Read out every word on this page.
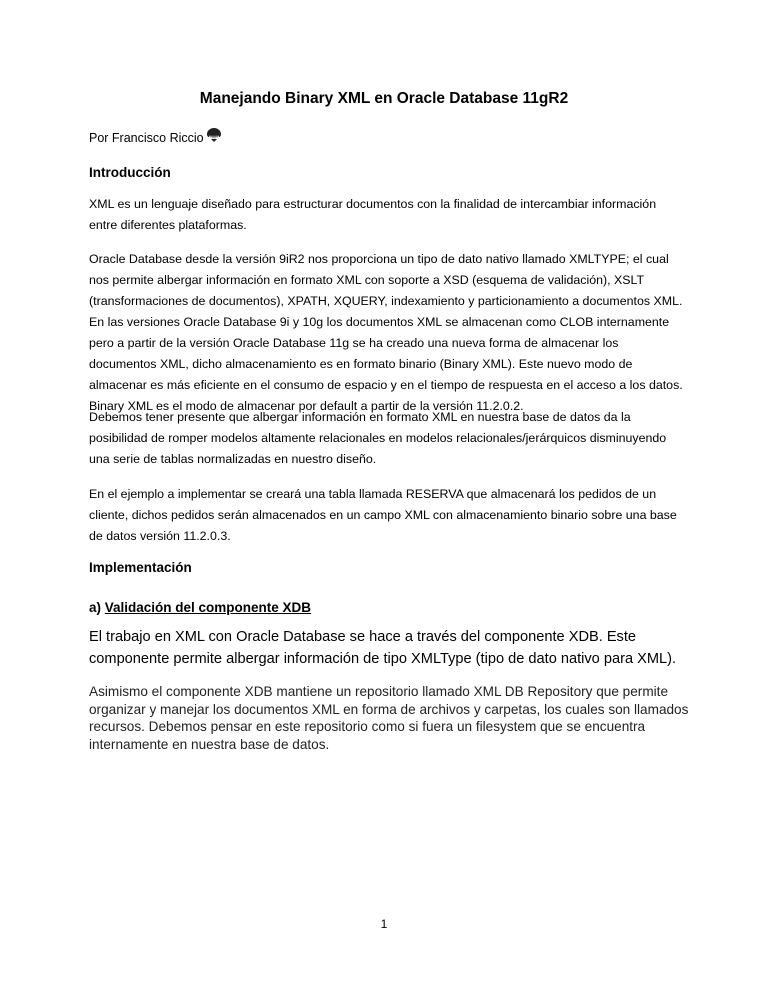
Manejando Binary XML en Oracle Database 11gR2
Por Francisco Riccio
Introducción

XML es un lenguaje diseñado para estructurar documentos con la finalidad de intercambiar información entre diferentes plataformas.

Oracle Database desde la versión 9iR2 nos proporciona un tipo de dato nativo llamado XMLTYPE; el cual nos permite albergar información en formato XML con soporte a XSD (esquema de validación), XSLT (transformaciones de documentos), XPATH, XQUERY, indexamiento y particionamiento a documentos XML. En las versiones Oracle Database 9i y 10g los documentos XML se almacenan como CLOB internamente pero a partir de la versión Oracle Database 11g se ha creado una nueva forma de almacenar los documentos XML, dicho almacenamiento es en formato binario (Binary XML). Este nuevo modo de almacenar es más eficiente en el consumo de espacio y en el tiempo de respuesta en el acceso a los datos. Binary XML es el modo de almacenar por default a partir de la versión 11.2.0.2.

Debemos tener presente que albergar información en formato XML en nuestra base de datos da la posibilidad de romper modelos altamente relacionales en modelos relacionales/jerárquicos disminuyendo una serie de tablas normalizadas en nuestro diseño.

En el ejemplo a implementar se creará una tabla llamada RESERVA que almacenará los pedidos de un cliente, dichos pedidos serán almacenados en un campo XML con almacenamiento binario sobre una base de datos versión 11.2.0.3.

Implementación
a) Validación del componente XDB

El trabajo en XML con Oracle Database se hace a través del componente XDB. Este componente permite albergar información de tipo XMLType (tipo de dato nativo para XML).

Asimismo el componente XDB mantiene un repositorio llamado XML DB Repository que permite organizar y manejar los documentos XML en forma de archivos y carpetas, los cuales son llamados recursos. Debemos pensar en este repositorio como si fuera un filesystem que se encuentra internamente en nuestra base de datos.

1
